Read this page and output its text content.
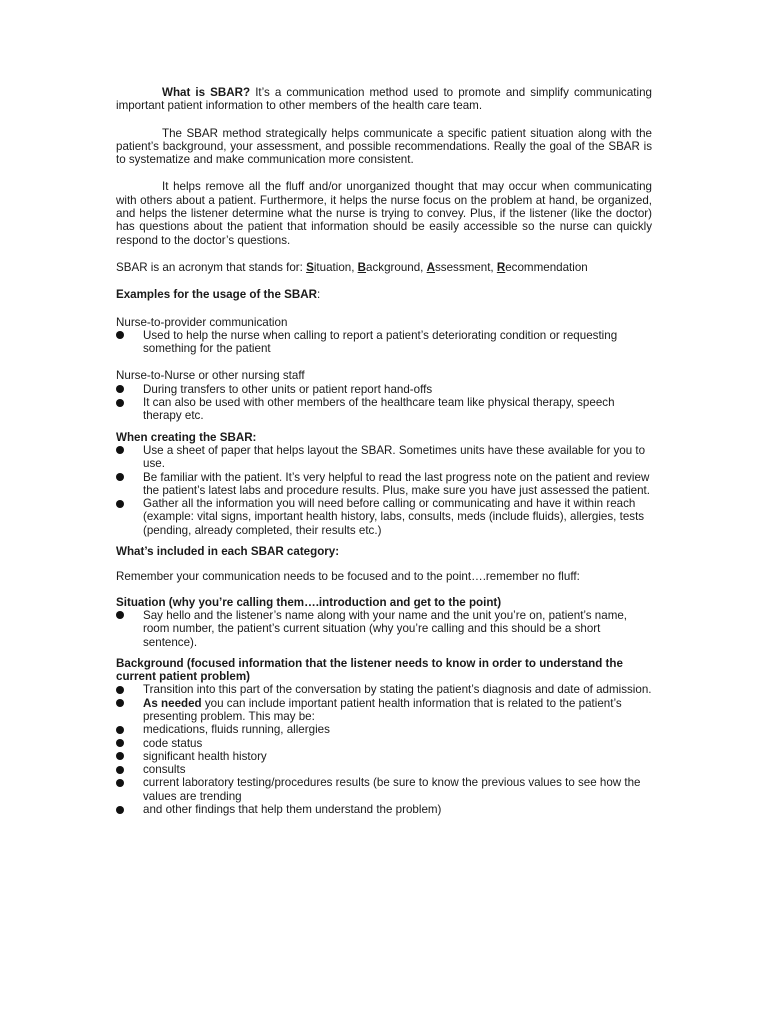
What is SBAR? It’s a communication method used to promote and simplify communicating important patient information to other members of the health care team.

The SBAR method strategically helps communicate a specific patient situation along with the patient’s background, your assessment, and possible recommendations. Really the goal of the SBAR is to systematize and make communication more consistent.

It helps remove all the fluff and/or unorganized thought that may occur when communicating with others about a patient. Furthermore, it helps the nurse focus on the problem at hand, be organized, and helps the listener determine what the nurse is trying to convey. Plus, if the listener (like the doctor) has questions about the patient that information should be easily accessible so the nurse can quickly respond to the doctor’s questions.

SBAR is an acronym that stands for: Situation, Background, Assessment, Recommendation

Examples for the usage of the SBAR:

Nurse-to-provider communication

Used to help the nurse when calling to report a patient’s deteriorating condition or requesting something for the patient

Nurse-to-Nurse or other nursing staff

During transfers to other units or patient report hand-offs
It can also be used with other members of the healthcare team like physical therapy, speech therapy etc.

When creating the SBAR:

Use a sheet of paper that helps layout the SBAR. Sometimes units have these available for you to use.
Be familiar with the patient. It’s very helpful to read the last progress note on the patient and review the patient’s latest labs and procedure results. Plus, make sure you have just assessed the patient.
Gather all the information you will need before calling or communicating and have it within reach (example: vital signs, important health history, labs, consults, meds (include fluids), allergies, tests (pending, already completed, their results etc.)

What’s included in each SBAR category:

Remember your communication needs to be focused and to the point….remember no fluff:

Situation (why you’re calling them….introduction and get to the point)

Say hello and the listener’s name along with your name and the unit you’re on, patient’s name, room number, the patient’s current situation (why you’re calling and this should be a short sentence).

Background (focused information that the listener needs to know in order to understand the current patient problem)

Transition into this part of the conversation by stating the patient’s diagnosis and date of admission.
As needed you can include important patient health information that is related to the patient’s presenting problem. This may be:
medications, fluids running, allergies
code status
significant health history
consults
current laboratory testing/procedures results (be sure to know the previous values to see how the values are trending
and other findings that help them understand the problem)
